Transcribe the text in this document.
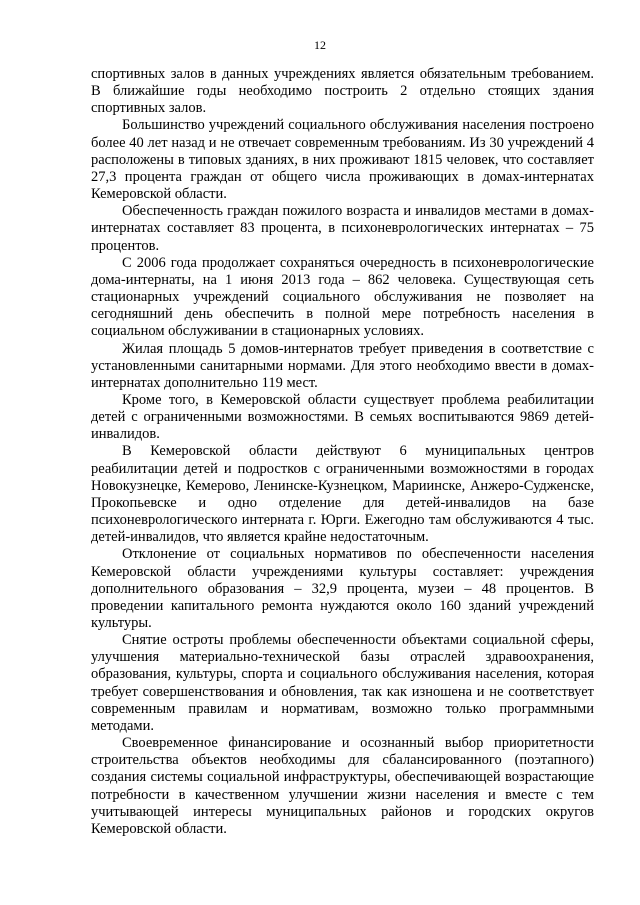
12

спортивных залов в данных учреждениях является обязательным требованием. В ближайшие годы необходимо построить 2 отдельно стоящих здания спортивных залов.

Большинство учреждений социального обслуживания населения построено более 40 лет назад и не отвечает современным требованиям. Из 30 учреждений 4 расположены в типовых зданиях, в них проживают 1815 человек, что составляет 27,3 процента граждан от общего числа проживающих в домах-интернатах Кемеровской области.

Обеспеченность граждан пожилого возраста и инвалидов местами в домах-интернатах составляет 83 процента, в психоневрологических интернатах – 75 процентов.

С 2006 года продолжает сохраняться очередность в психоневрологические дома-интернаты, на 1 июня 2013 года – 862 человека. Существующая сеть стационарных учреждений социального обслуживания не позволяет на сегодняшний день обеспечить в полной мере потребность населения в социальном обслуживании в стационарных условиях.

Жилая площадь 5 домов-интернатов требует приведения в соответствие с установленными санитарными нормами. Для этого необходимо ввести в домах-интернатах дополнительно 119 мест.

Кроме того, в Кемеровской области существует проблема реабилитации детей с ограниченными возможностями. В семьях воспитываются 9869 детей-инвалидов.

В Кемеровской области действуют 6 муниципальных центров реабилитации детей и подростков с ограниченными возможностями в городах Новокузнецке, Кемерово, Ленинске-Кузнецком, Мариинске, Анжеро-Судженске, Прокопьевске и одно отделение для детей-инвалидов на базе психоневрологического интерната г. Юрги. Ежегодно там обслуживаются 4 тыс. детей-инвалидов, что является крайне недостаточным.

Отклонение от социальных нормативов по обеспеченности населения Кемеровской области учреждениями культуры составляет: учреждения дополнительного образования – 32,9 процента, музеи – 48 процентов. В проведении капитального ремонта нуждаются около 160 зданий учреждений культуры.

Снятие остроты проблемы обеспеченности объектами социальной сферы, улучшения материально-технической базы отраслей здравоохранения, образования, культуры, спорта и социального обслуживания населения, которая требует совершенствования и обновления, так как изношена и не соответствует современным правилам и нормативам, возможно только программными методами.

Своевременное финансирование и осознанный выбор приоритетности строительства объектов необходимы для сбалансированного (поэтапного) создания системы социальной инфраструктуры, обеспечивающей возрастающие потребности в качественном улучшении жизни населения и вместе с тем учитывающей интересы муниципальных районов и городских округов Кемеровской области.
